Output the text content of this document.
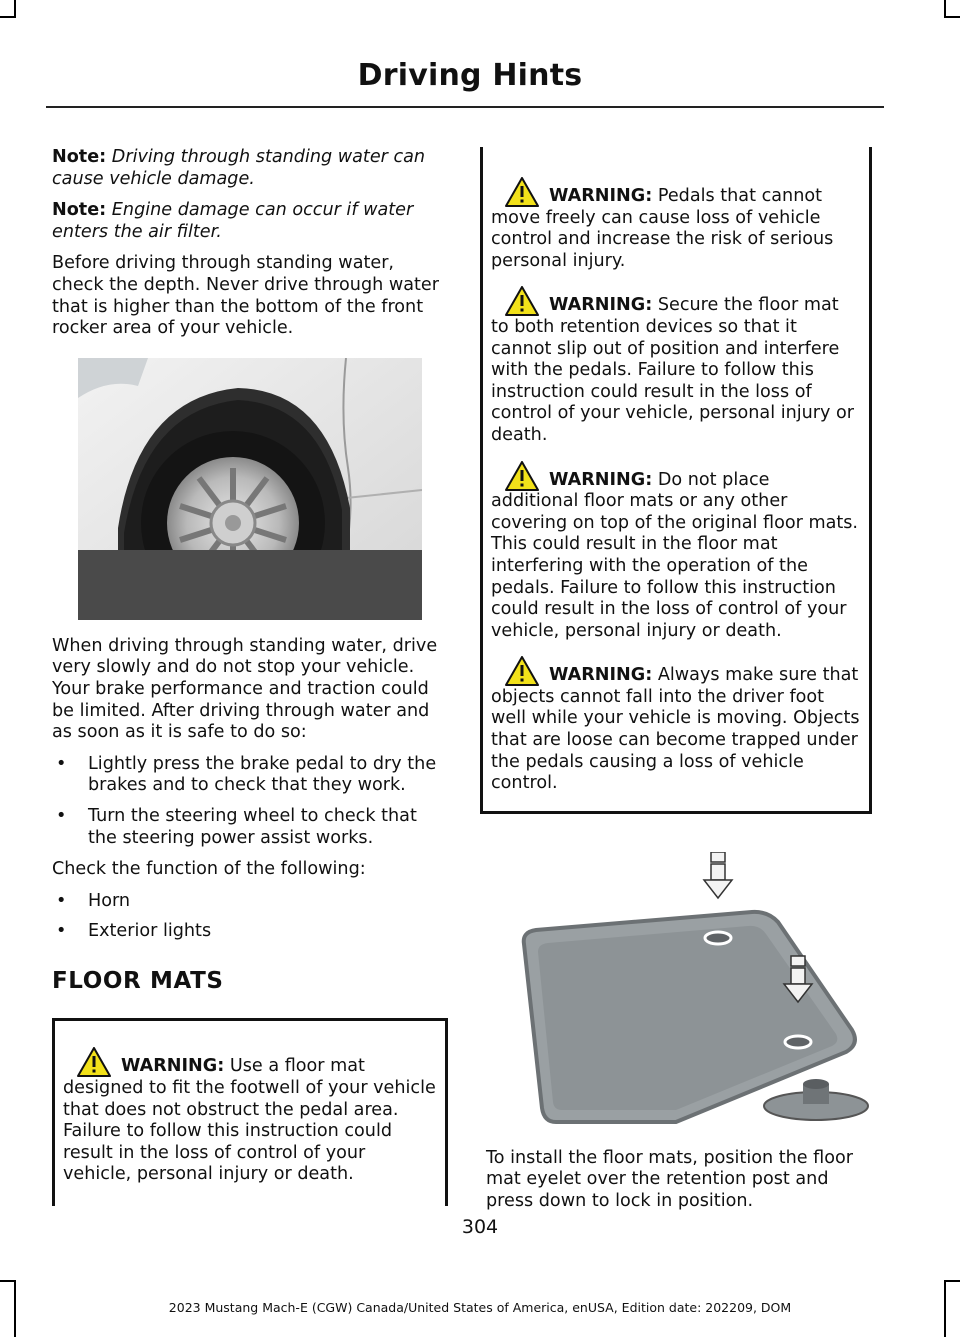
Driving Hints

Note: Driving through standing water can cause vehicle damage.

Note: Engine damage can occur if water enters the air filter.

Before driving through standing water, check the depth. Never drive through water that is higher than the bottom of the front rocker area of your vehicle.

When driving through standing water, drive very slowly and do not stop your vehicle. Your brake performance and traction could be limited. After driving through water and as soon as it is safe to do so:

• Lightly press the brake pedal to dry the brakes and to check that they work.
• Turn the steering wheel to check that the steering power assist works.

Check the function of the following:

• Horn
• Exterior lights
FLOOR MATS

WARNING: Use a floor mat designed to fit the footwell of your vehicle that does not obstruct the pedal area. Failure to follow this instruction could result in the loss of control of your vehicle, personal injury or death.

WARNING: Pedals that cannot move freely can cause loss of vehicle control and increase the risk of serious personal injury.

WARNING: Secure the floor mat to both retention devices so that it cannot slip out of position and interfere with the pedals. Failure to follow this instruction could result in the loss of control of your vehicle, personal injury or death.

WARNING: Do not place additional floor mats or any other covering on top of the original floor mats. This could result in the floor mat interfering with the operation of the pedals. Failure to follow this instruction could result in the loss of control of your vehicle, personal injury or death.

WARNING: Always make sure that objects cannot fall into the driver foot well while your vehicle is moving. Objects that are loose can become trapped under the pedals causing a loss of vehicle control.

To install the floor mats, position the floor mat eyelet over the retention post and press down to lock in position.

304
2023 Mustang Mach-E (CGW) Canada/United States of America, enUSA, Edition date: 202209, DOM
